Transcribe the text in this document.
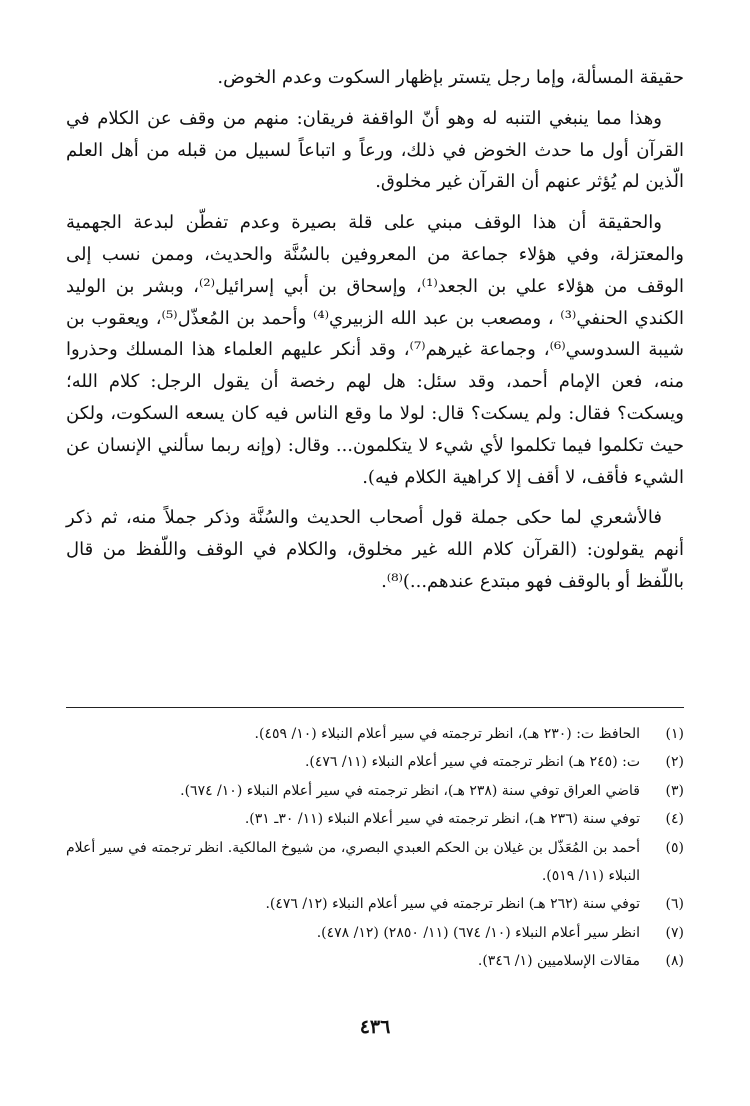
حقيقة المسألة، وإما رجل يتستر بإظهار السكوت وعدم الخوض.

وهذا مما ينبغي التنبه له وهو أنّ الواقفة فريقان: منهم من وقف عن الكلام في القرآن أول ما حدث الخوض في ذلك، ورعاً و اتباعاً لسبيل من قبله من أهل العلم الّذين لم يُؤثر عنهم أن القرآن غير مخلوق.

والحقيقة أن هذا الوقف مبني على قلة بصيرة وعدم تفطّن لبدعة الجهمية والمعتزلة، وفي هؤلاء جماعة من المعروفين بالسُنَّة والحديث، وممن نسب إلى الوقف من هؤلاء علي بن الجعد⁽¹⁾، وإسحاق بن أبي إسرائيل⁽²⁾، وبشر بن الوليد الكندي الحنفي⁽³⁾ ، ومصعب بن عبد الله الزبيري⁽⁴⁾ وأحمد بن المُعذّل⁽⁵⁾، ويعقوب بن شيبة السدوسي⁽⁶⁾، وجماعة غيرهم⁽⁷⁾، وقد أنكر عليهم العلماء هذا المسلك وحذروا منه، فعن الإمام أحمد، وقد سئل: هل لهم رخصة أن يقول الرجل: كلام الله؛ ويسكت؟ فقال: ولم يسكت؟ قال: لولا ما وقع الناس فيه كان يسعه السكوت، ولكن حيث تكلموا فيما تكلموا لأي شيء لا يتكلمون... وقال: (وإنه ربما سألني الإنسان عن الشيء فأقف، لا أقف إلا كراهية الكلام فيه).

فالأشعري لما حكى جملة قول أصحاب الحديث والسُنَّة وذكر جملاً منه، ثم ذكر أنهم يقولون: (القرآن كلام الله غير مخلوق، والكلام في الوقف واللّفظ من قال باللّفظ أو بالوقف فهو مبتدع عندهم...)⁽⁸⁾.

(١)
الحافظ ت: (٢٣٠ هـ)، انظر ترجمته في سير أعلام النبلاء (١٠/ ٤٥٩).
(٢)
ت: (٢٤٥ هـ) انظر ترجمته في سير أعلام النبلاء (١١/ ٤٧٦).
(٣)
قاضي العراق توفي سنة (٢٣٨ هـ)، انظر ترجمته في سير أعلام النبلاء (١٠/ ٦٧٤).
(٤)
توفي سنة (٢٣٦ هـ)، انظر ترجمته في سير أعلام النبلاء (١١/ ٣٠ـ ٣١).
(٥)
أحمد بن المُعَذّل بن غيلان بن الحكم العبدي البصري، من شيوخ المالكية. انظر ترجمته في سير أعلام النبلاء (١١/ ٥١٩).
(٦)
توفي سنة (٢٦٢ هـ) انظر ترجمته في سير أعلام النبلاء (١٢/ ٤٧٦).
(٧)
انظر سير أعلام النبلاء (١٠/ ٦٧٤) (١١/ ٢٨٥٠) (١٢/ ٤٧٨).
(٨)
مقالات الإسلاميين (١/ ٣٤٦).
٤٣٦
